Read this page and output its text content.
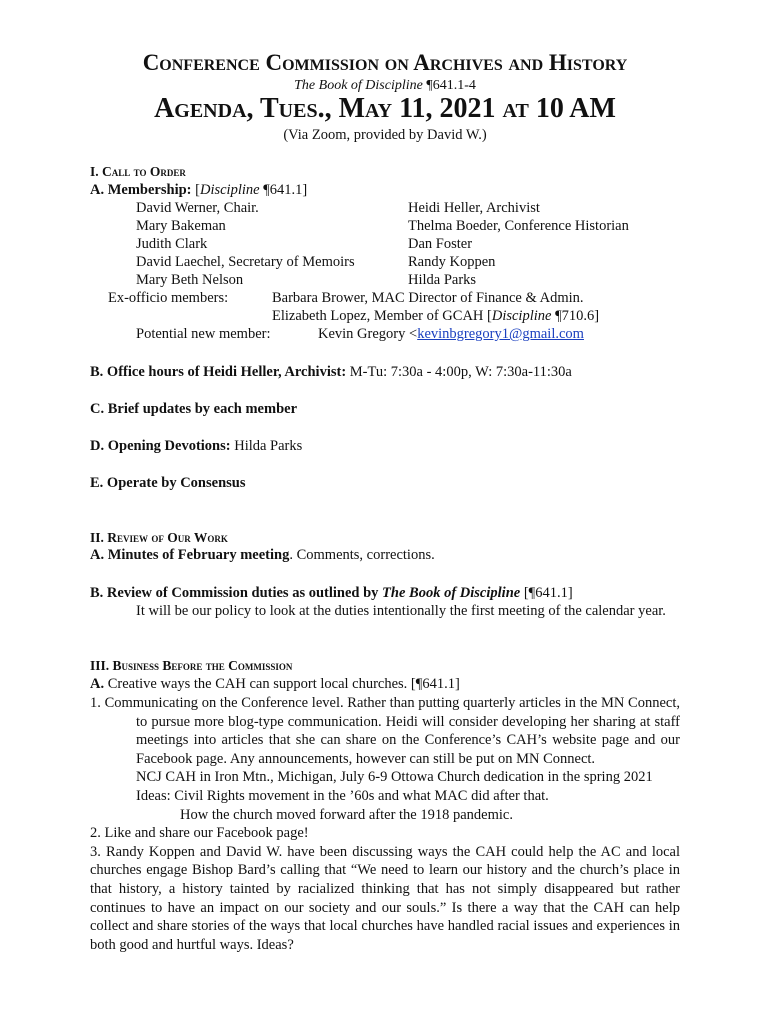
Conference Commission on Archives and History
The Book of Discipline ¶641.1-4
Agenda, Tues., May 11, 2021 at 10 AM
(Via Zoom, provided by David W.)
I. Call to Order
A. Membership: [Discipline ¶641.1]
David Werner, Chair.
Mary Bakeman
Judith Clark
David Laechel, Secretary of Memoirs
Mary Beth Nelson
Heidi Heller, Archivist
Thelma Boeder, Conference Historian
Dan Foster
Randy Koppen
Hilda Parks
Ex-officio members:	Barbara Brower, MAC Director of Finance & Admin.
Elizabeth Lopez, Member of GCAH [Discipline ¶710.6]
Potential new member:	Kevin Gregory <kevinbgregory1@gmail.com
B. Office hours of Heidi Heller, Archivist: M-Tu: 7:30a - 4:00p, W: 7:30a-11:30a
C. Brief updates by each member
D. Opening Devotions: Hilda Parks
E. Operate by Consensus
II. Review of Our Work
A. Minutes of February meeting. Comments, corrections.
B. Review of Commission duties as outlined by The Book of Discipline [¶641.1]
It will be our policy to look at the duties intentionally the first meeting of the calendar year.
III. Business Before the Commission
A. Creative ways the CAH can support local churches. [¶641.1]

1. Communicating on the Conference level. Rather than putting quarterly articles in the MN Connect, to pursue more blog-type communication. Heidi will consider developing her sharing at staff meetings into articles that she can share on the Conference’s CAH’s website page and our Facebook page. Any announcements, however can still be put on MN Connect.

NCJ CAH in Iron Mtn., Michigan, July 6-9 Ottowa Church dedication in the spring 2021

Ideas: Civil Rights movement in the ’60s and what MAC did after that.

How the church moved forward after the 1918 pandemic.

2. Like and share our Facebook page!

3. Randy Koppen and David W. have been discussing ways the CAH could help the AC and local churches engage Bishop Bard’s calling that “We need to learn our history and the church’s place in that history, a history tainted by racialized thinking that has not simply disappeared but rather continues to have an impact on our society and our souls.” Is there a way that the CAH can help collect and share stories of the ways that local churches have handled racial issues and experiences in both good and hurtful ways. Ideas?
